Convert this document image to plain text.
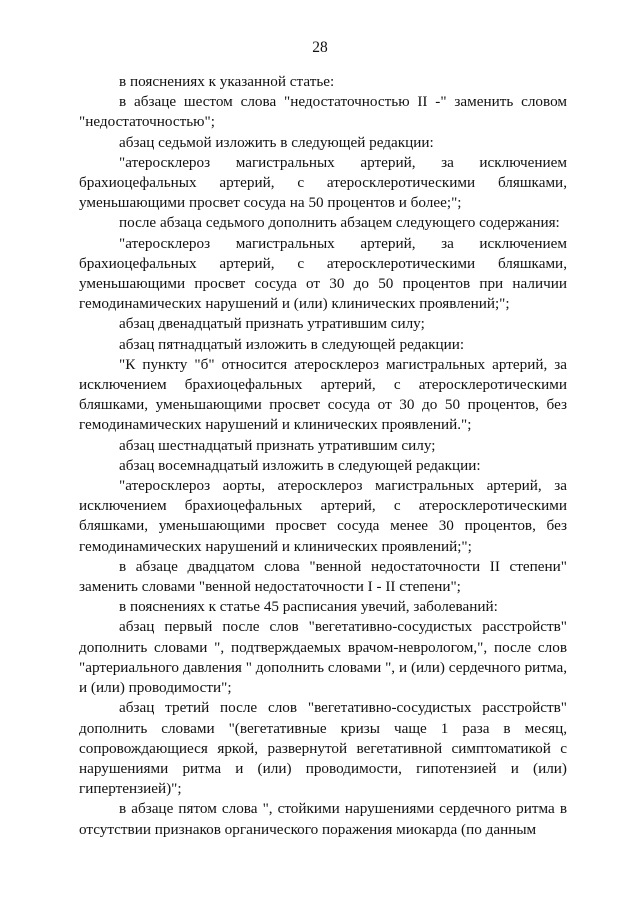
28

в пояснениях к указанной статье:

в абзаце шестом слова "недостаточностью II -" заменить словом "недостаточностью";

абзац седьмой изложить в следующей редакции:

"атеросклероз магистральных артерий, за исключением брахиоцефальных артерий, с атеросклеротическими бляшками, уменьшающими просвет сосуда на 50 процентов и более;";

после абзаца седьмого дополнить абзацем следующего содержания:

"атеросклероз магистральных артерий, за исключением брахиоцефальных артерий, с атеросклеротическими бляшками, уменьшающими просвет сосуда от 30 до 50 процентов при наличии гемодинамических нарушений и (или) клинических проявлений;";

абзац двенадцатый признать утратившим силу;

абзац пятнадцатый изложить в следующей редакции:

"К пункту "б" относится атеросклероз магистральных артерий, за исключением брахиоцефальных артерий, с атеросклеротическими бляшками, уменьшающими просвет сосуда от 30 до 50 процентов, без гемодинамических нарушений и клинических проявлений.";

абзац шестнадцатый признать утратившим силу;

абзац восемнадцатый изложить в следующей редакции:

"атеросклероз аорты, атеросклероз магистральных артерий, за исключением брахиоцефальных артерий, с атеросклеротическими бляшками, уменьшающими просвет сосуда менее 30 процентов, без гемодинамических нарушений и клинических проявлений;";

в абзаце двадцатом слова "венной недостаточности II степени" заменить словами "венной недостаточности I - II степени";

в пояснениях к статье 45 расписания увечий, заболеваний:

абзац первый после слов "вегетативно-сосудистых расстройств" дополнить словами ", подтверждаемых врачом-неврологом,", после слов "артериального давления " дополнить словами ", и (или) сердечного ритма, и (или) проводимости";

абзац третий после слов "вегетативно-сосудистых расстройств" дополнить словами "(вегетативные кризы чаще 1 раза в месяц, сопровождающиеся яркой, развернутой вегетативной симптоматикой с нарушениями ритма и (или) проводимости, гипотензией и (или) гипертензией)";

в абзаце пятом слова ", стойкими нарушениями сердечного ритма в отсутствии признаков органического поражения миокарда (по данным
